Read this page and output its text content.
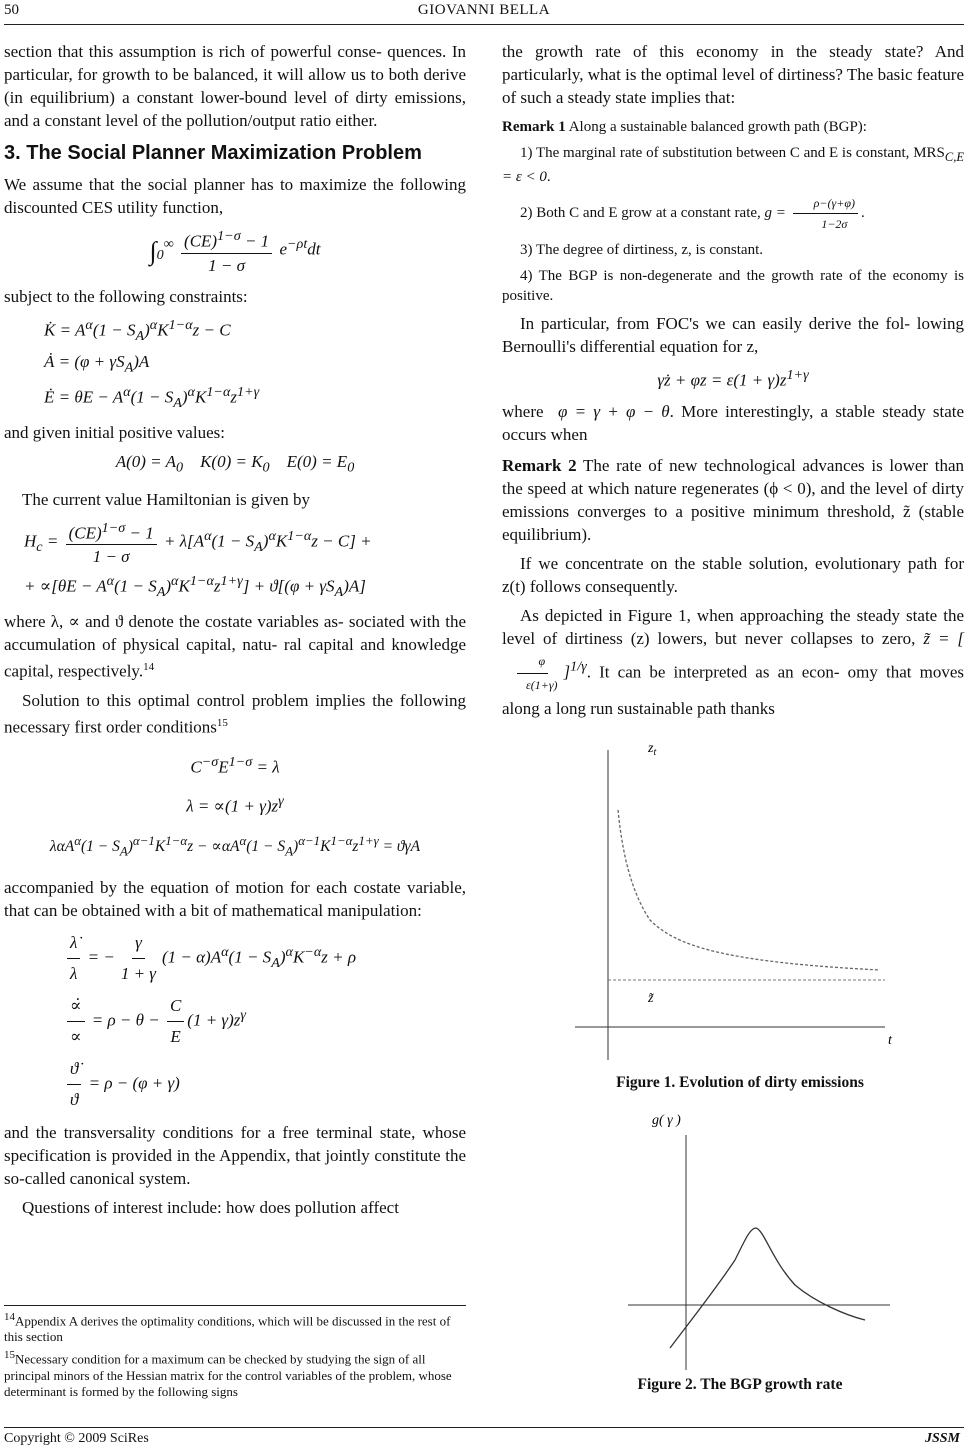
50	GIOVANNI BELLA

section that this assumption is rich of powerful conse- quences. In particular, for growth to be balanced, it will allow us to both derive (in equilibrium) a constant lower-bound level of dirty emissions, and a constant level of the pollution/output ratio either.

3. The Social Planner Maximization Problem

We assume that the social planner has to maximize the following discounted CES utility function,

$\int_0^\infty \frac{(CE)^{1-\sigma} - 1}{1 - \sigma} e^{-\rho t}dt$

subject to the following constraints:

K̇ = $A^\alpha(1 - S_A)^\alpha K^{1-\alpha}z - C$
Ȧ = $(\varphi + \gamma S_A)A$
Ė = $\theta E - A^\alpha(1 - S_A)^\alpha K^{1-\alpha}z^{1+\gamma}$

and given initial positive values:

$A(0) = A_0$    $K(0) = K_0$    $E(0) = E_0$

The current value Hamiltonian is given by

$H_c = \frac{(CE)^{1-\sigma} - 1}{1 - \sigma} + \lambda[A^\alpha(1 - S_A)^\alpha K^{1-\alpha}z - C]$ +
+ $\propto[\theta E - A^\alpha(1 - S_A)^\alpha K^{1-\alpha}z^{1+\gamma}] + ϑ[(\varphi + \gamma S_A)A]$

where λ, ∝ and ϑ denote the costate variables as- sociated with the accumulation of physical capital, natu- ral capital and knowledge capital, respectively.$^{14}$

Solution to this optimal control problem implies the following necessary first order conditions$^{15}$

$C^{-\sigma}E^{1-\sigma} = \lambda$
$\lambda = \propto(1 + \gamma)z^\gamma$
$\lambda\alpha A^\alpha(1 - S_A)^{\alpha-1}K^{1-\alpha}z - \propto\alpha A^\alpha(1 - S_A)^{\alpha-1}K^{1-\alpha}z^{1+\gamma} = ϑ\gamma A$

accompanied by the equation of motion for each costate variable, that can be obtained with a bit of mathematical manipulation:

$\frac{\lambdȧ}{\lambda}$ = − $\frac{\gamma}{1 + \gamma} (1 - \alpha)A^\alpha(1 - S_A)^\alpha K^{-\alpha}z + \rho$
$\frac{\proptȯ}{\propto} = \rho - \theta - \frac{C}{E} (1 + \gamma)z^\gamma$
$\frac{ϑ̇}{ϑ} = \rho - (\varphi + \gamma)$

and the transversality conditions for a free terminal state, whose specification is provided in the Appendix, that jointly constitute the so-called canonical system.

Questions of interest include: how does pollution affect

the growth rate of this economy in the steady state? And particularly, what is the optimal level of dirtiness? The basic feature of such a steady state implies that:

Remark 1 Along a sustainable balanced growth path (BGP):

1) The marginal rate of substitution between C and E is constant, $MRS_{C,E} = \varepsilon < 0$.

2) Both C and E grow at a constant rate, $g = \frac{\rho-(\gamma+\varphi)}{1-2\sigma}$ .

3) The degree of dirtiness, z, is constant.

4) The BGP is non-degenerate and the growth rate of the economy is positive.

In particular, from FOC's we can easily derive the fol- lowing Bernoulli's differential equation for z,

γż + $\varphi z = \varepsilon(1 + \gamma)z^{1+\gamma}$

where  φ = γ + φ − θ. More interestingly, a stable steady state occurs when

Remark 2 The rate of new technological advances is lower than the speed at which nature regenerates (ϕ < 0), and the level of dirty emissions converges to a positive minimum threshold, z̃ (stable equilibrium).

If we concentrate on the stable solution, evolutionary path for z(t) follows consequently.

As depicted in Figure 1, when approaching the steady state the level of dirtiness (z) lowers, but never collapses to zero, z̃ = [
$\frac{\varphi}{\varepsilon(1+\gamma)} ]^{1/\gamma}$. It can be interpreted as an econ- omy that moves along a long run sustainable path thanks

$z_t$
z̃
t
Figure 1. Evolution of dirty emissions
g( γ )
Figure 2. The BGP growth rate
$^{14}$Appendix A derives the optimality conditions, which will be discussed in the rest of this section
$^{15}$Necessary condition for a maximum can be checked by studying the sign of all principal minors of the Hessian matrix for the control variables of the problem, whose determinant is formed by the following signs
Copyright © 2009 SciRes	JSSM
